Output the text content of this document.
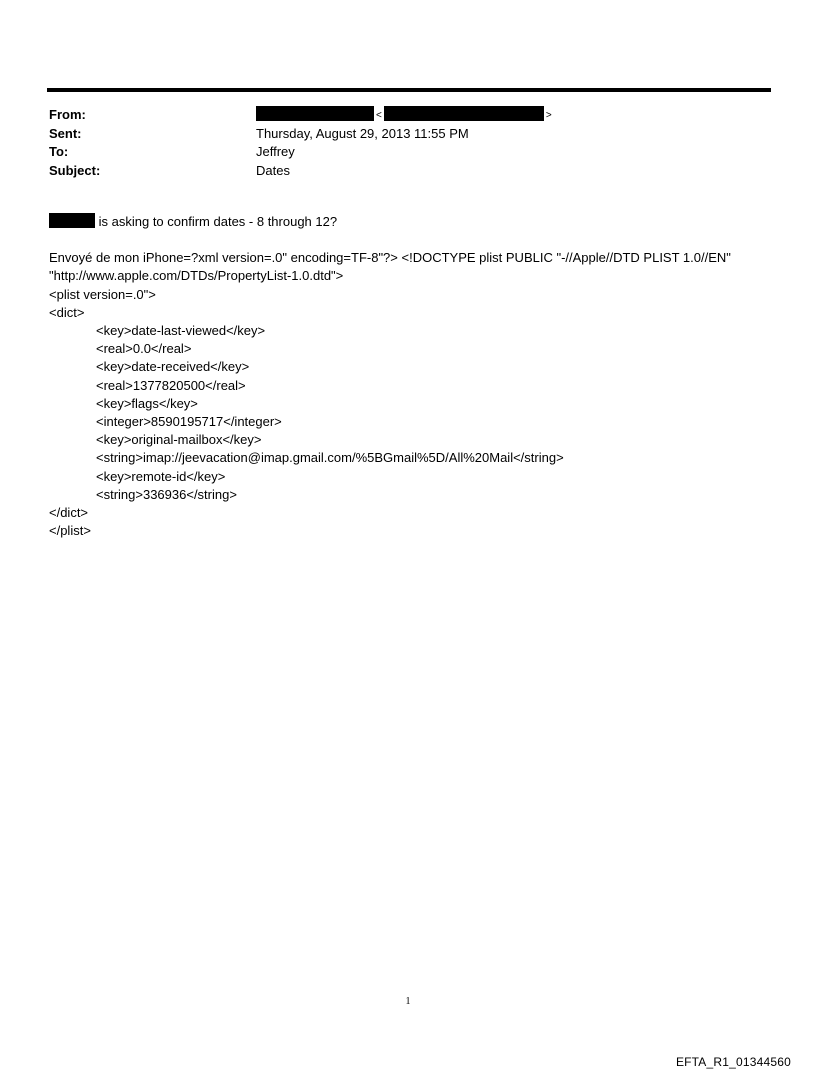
From:	<	>
Sent:	Thursday, August 29, 2013 11:55 PM
To:	Jeffrey
Subject:	Dates
is asking to confirm dates - 8 through 12?
Envoyé de mon iPhone=?xml version=.0" encoding=TF-8"?> <!DOCTYPE plist PUBLIC "-//Apple//DTD PLIST 1.0//EN"
"http://www.apple.com/DTDs/PropertyList-1.0.dtd">
<plist version=.0">
<dict>
<key>date-last-viewed</key>
<real>0.0</real>
<key>date-received</key>
<real>1377820500</real>
<key>flags</key>
<integer>8590195717</integer>
<key>original-mailbox</key>
<string>imap://jeevacation@imap.gmail.com/%5BGmail%5D/All%20Mail</string>
<key>remote-id</key>
<string>336936</string>
</dict>
</plist>
1
EFTA_R1_01344560
